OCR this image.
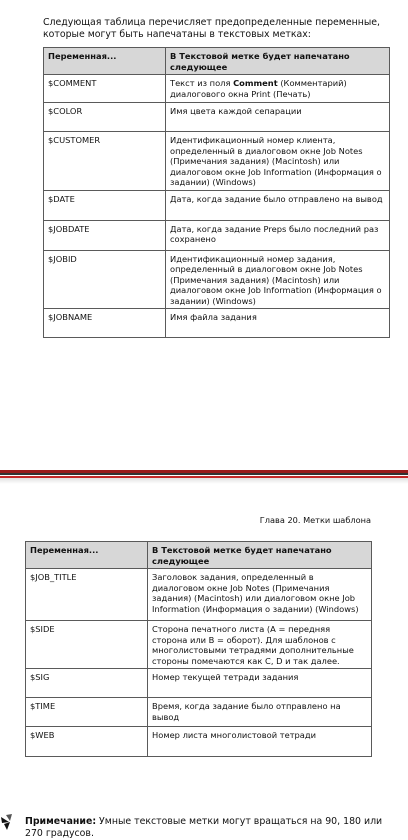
Следующая таблица перечисляет предопределенные переменные, которые могут быть напечатаны в текстовых метках:

Переменная...	В Текстовой метке будет напечатано следующее
$COMMENT	Текст из поля Comment (Комментарий) диалогового окна Print (Печать)
$COLOR	Имя цвета каждой сепарации
$CUSTOMER	Идентификационный номер клиента, определенный в диалоговом окне Job Notes (Примечания задания) (Macintosh) или диалоговом окне Job Information (Информация о задании) (Windows)
$DATE	Дата, когда задание было отправлено на вывод
$JOBDATE	Дата, когда задание Preps было последний раз сохранено
$JOBID	Идентификационный номер задания, определенный в диалоговом окне Job Notes (Примечания задания) (Macintosh) или диалоговом окне Job Information (Информация о задании) (Windows)
$JOBNAME	Имя файла задания
Глава 20. Метки шаблона
Переменная...	В Текстовой метке будет напечатано следующее
$JOB_TITLE	Заголовок задания, определенный в диалоговом окне Job Notes (Примечания задания) (Macintosh) или диалоговом окне Job Information (Информация о задании) (Windows)
$SIDE	Сторона печатного листа (A = передняя сторона или B = оборот). Для шаблонов с многолистовыми тетрадями дополнительные стороны помечаются как C, D и так далее.
$SIG	Номер текущей тетради задания
$TIME	Время, когда задание было отправлено на вывод
$WEB	Номер листа многолистовой тетради

Примечание: Умные текстовые метки могут вращаться на 90, 180 или 270 градусов.
